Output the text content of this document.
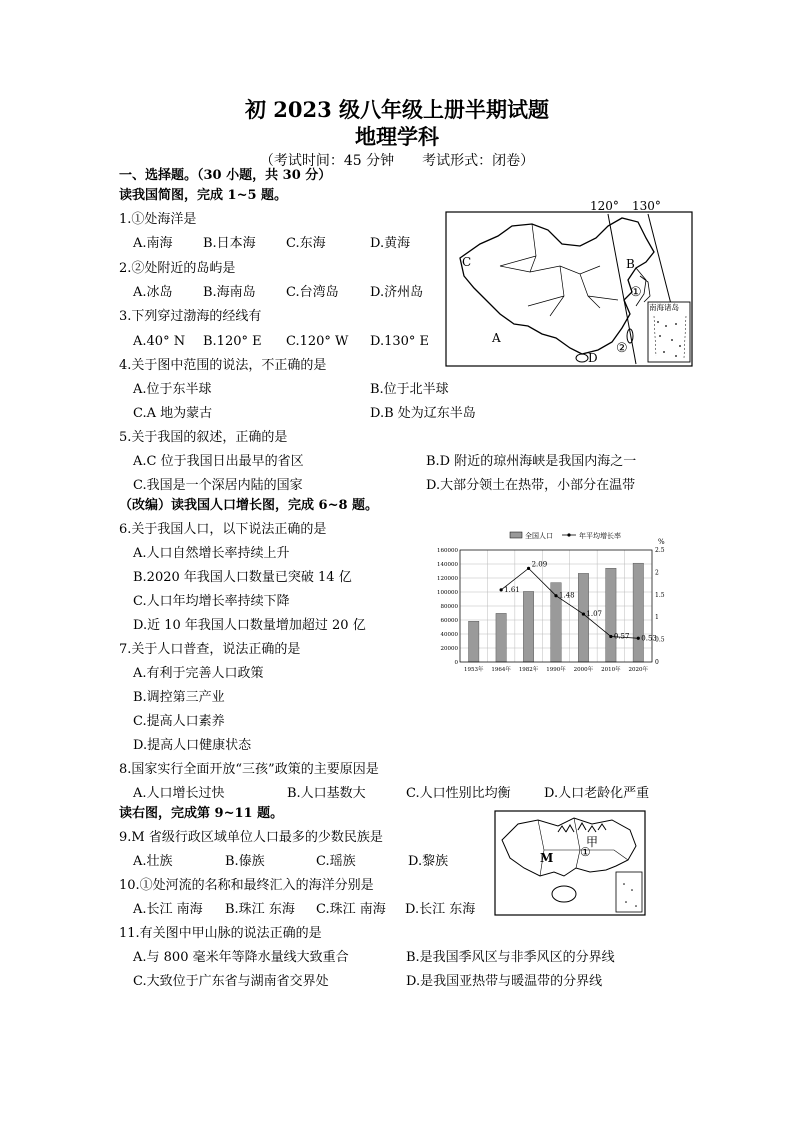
初 2023 级八年级上册半期试题
地理学科
（考试时间：45 分钟　　考试形式：闭卷）
一、选择题。（30 小题，共 30 分）
读我国简图，完成 1~5 题。
1.①处海洋是
A.南海 B.日本海 C.东海	D.黄海
2.②处附近的岛屿是
A.冰岛 B.海南岛 C.台湾岛 D.济州岛
3.下列穿过渤海的经线有
A.40° N B.120° E C.120° W D.130° E
4.关于图中范围的说法，不正确的是
A.位于东半球	B.位于北半球
C.A 地为蒙古	D.B 处为辽东半岛
5.关于我国的叙述，正确的是
A.C 位于我国日出最早的省区	B.D 附近的琼州海峡是我国内海之一
C.我国是一个深居内陆的国家	D.大部分领土在热带，小部分在温带
（改编）读我国人口增长图，完成 6~8 题。
6.关于我国人口，以下说法正确的是
A.人口自然增长率持续上升
B.2020 年我国人口数量已突破 14 亿
C.人口年均增长率持续下降
D.近 10 年我国人口数量增加超过 20 亿
7.关于人口普查，说法正确的是
A.有利于完善人口政策
B.调控第三产业
C.提高人口素养
D.提高人口健康状态
8.国家实行全面开放“三孩”政策的主要原因是
A.人口增长过快	B.人口基数大	C.人口性别比均衡	D.人口老龄化严重
读右图，完成第 9~11 题。
9.M 省级行政区域单位人口最多的少数民族是
A.壮族	B.傣族	C.瑶族	D.黎族
10.①处河流的名称和最终汇入的海洋分别是
A.长江 南海 B.珠江 东海 C.珠江 南海 D.长江 东海
11.有关图中甲山脉的说法正确的是
A.与 800 毫米年等降水量线大致重合	B.是我国季风区与非季风区的分界线
C.大致位于广东省与湖南省交界处	D.是我国亚热带与暖温带的分界线
120° 130°
C	B
A
D
①
②
南海诸岛
全国人口	年平均增长率
%
1953年 1964年 1982年 1990年 2000年 2010年 2020年
1.61
2.09
1.48
1.07
0.57 0.53
0
20000
40000
60000
80000
100000
120000
140000
160000
0
0.5
1
1.5
2
2.5
M
甲
①
